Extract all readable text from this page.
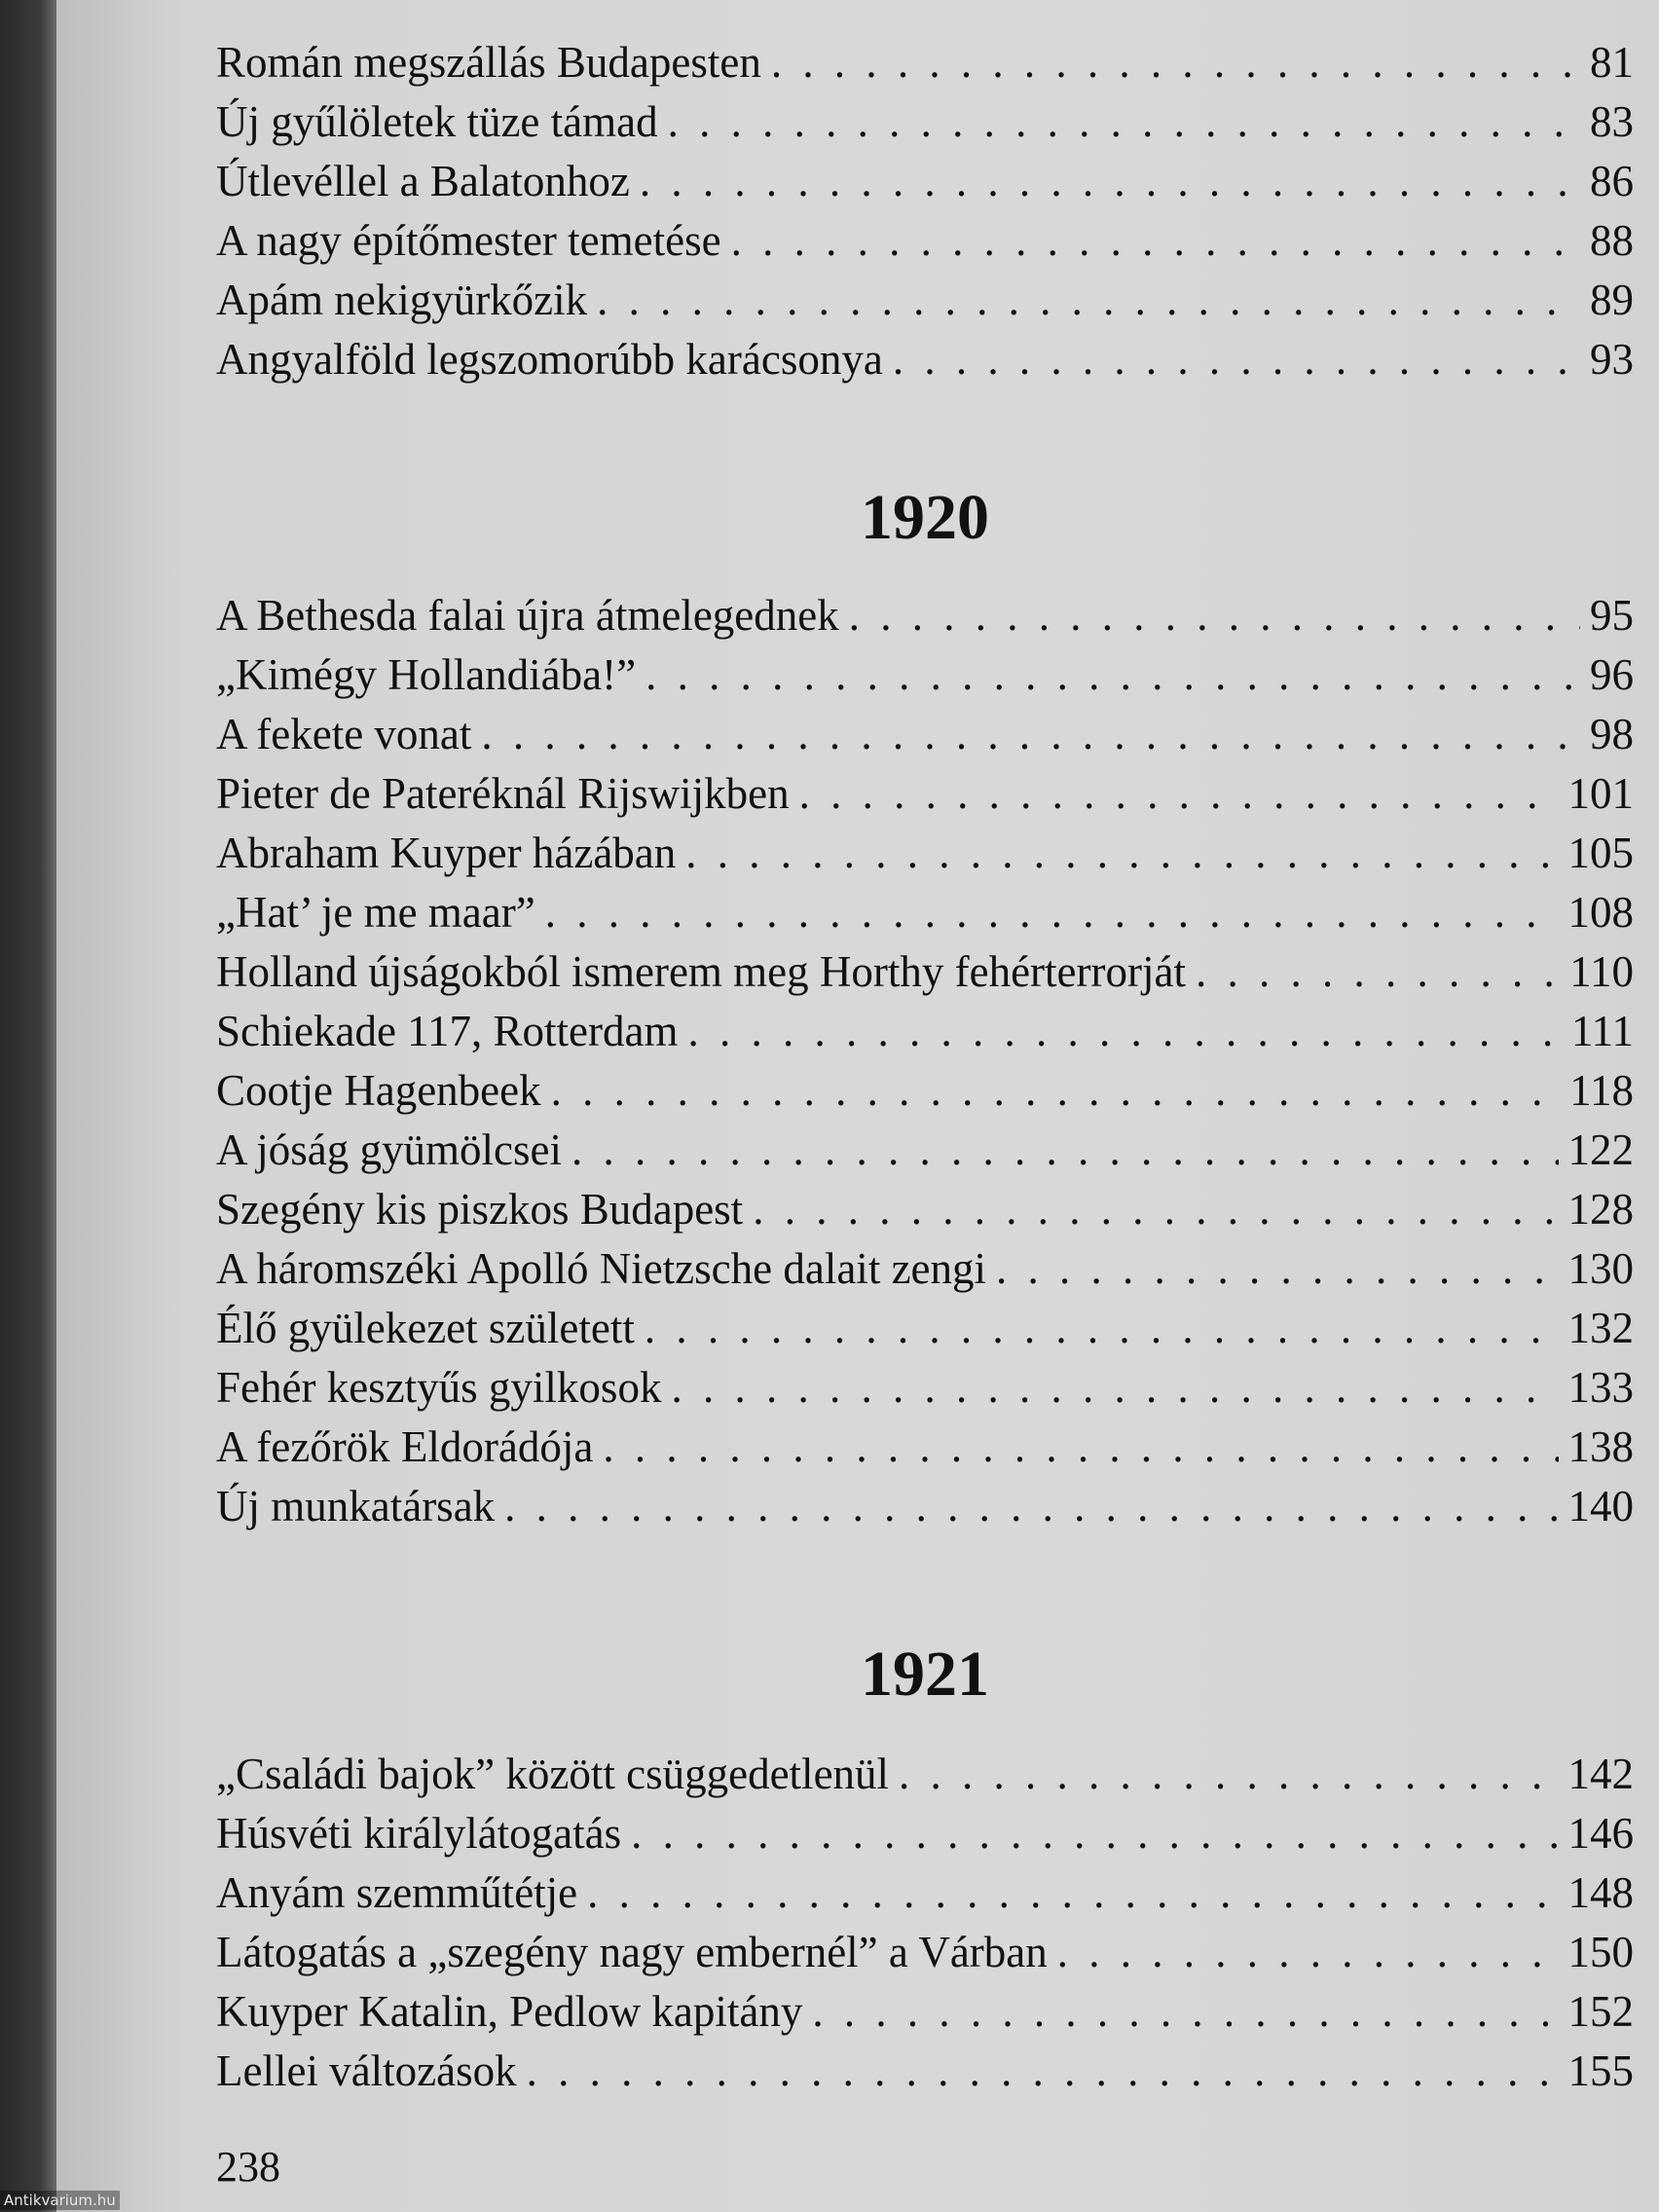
Román megszállás Budapesten . . .	81
Új gyűlöletek tüze támad . . .	83
Útlevéllel a Balatonhoz . . .	86
A nagy építőmester temetése . . .	88
Apám nekigyürkőzik . . .	89
Angyalföld legszomorúbb karácsonya . . .	93
1920
A Bethesda falai újra átmelegednek . . .	95
„Kimégy Hollandiába!” . . .	96
A fekete vonat . . .	98
Pieter de Pateréknál Rijswijkben . . .	101
Abraham Kuyper házában . . .	105
„Hat’ je me maar” . . .	108
Holland újságokból ismerem meg Horthy fehérterrorját . . .	110
Schiekade 117, Rotterdam . . .	111
Cootje Hagenbeek . . .	118
A jóság gyümölcsei . . .	122
Szegény kis piszkos Budapest . . .	128
A háromszéki Apolló Nietzsche dalait zengi . . .	130
Élő gyülekezet született . . .	132
Fehér kesztyűs gyilkosok . . .	133
A fezőrök Eldorádója . . .	138
Új munkatársak . . .	140
1921
„Családi bajok” között csüggedetlenül . . .	142
Húsvéti királylátogatás . . .	146
Anyám szemműtétje . . .	148
Látogatás a „szegény nagy embernél” a Várban . . .	150
Kuyper Katalin, Pedlow kapitány . . .	152
Lellei változások . . .	155
238
Antikvarium.hu
